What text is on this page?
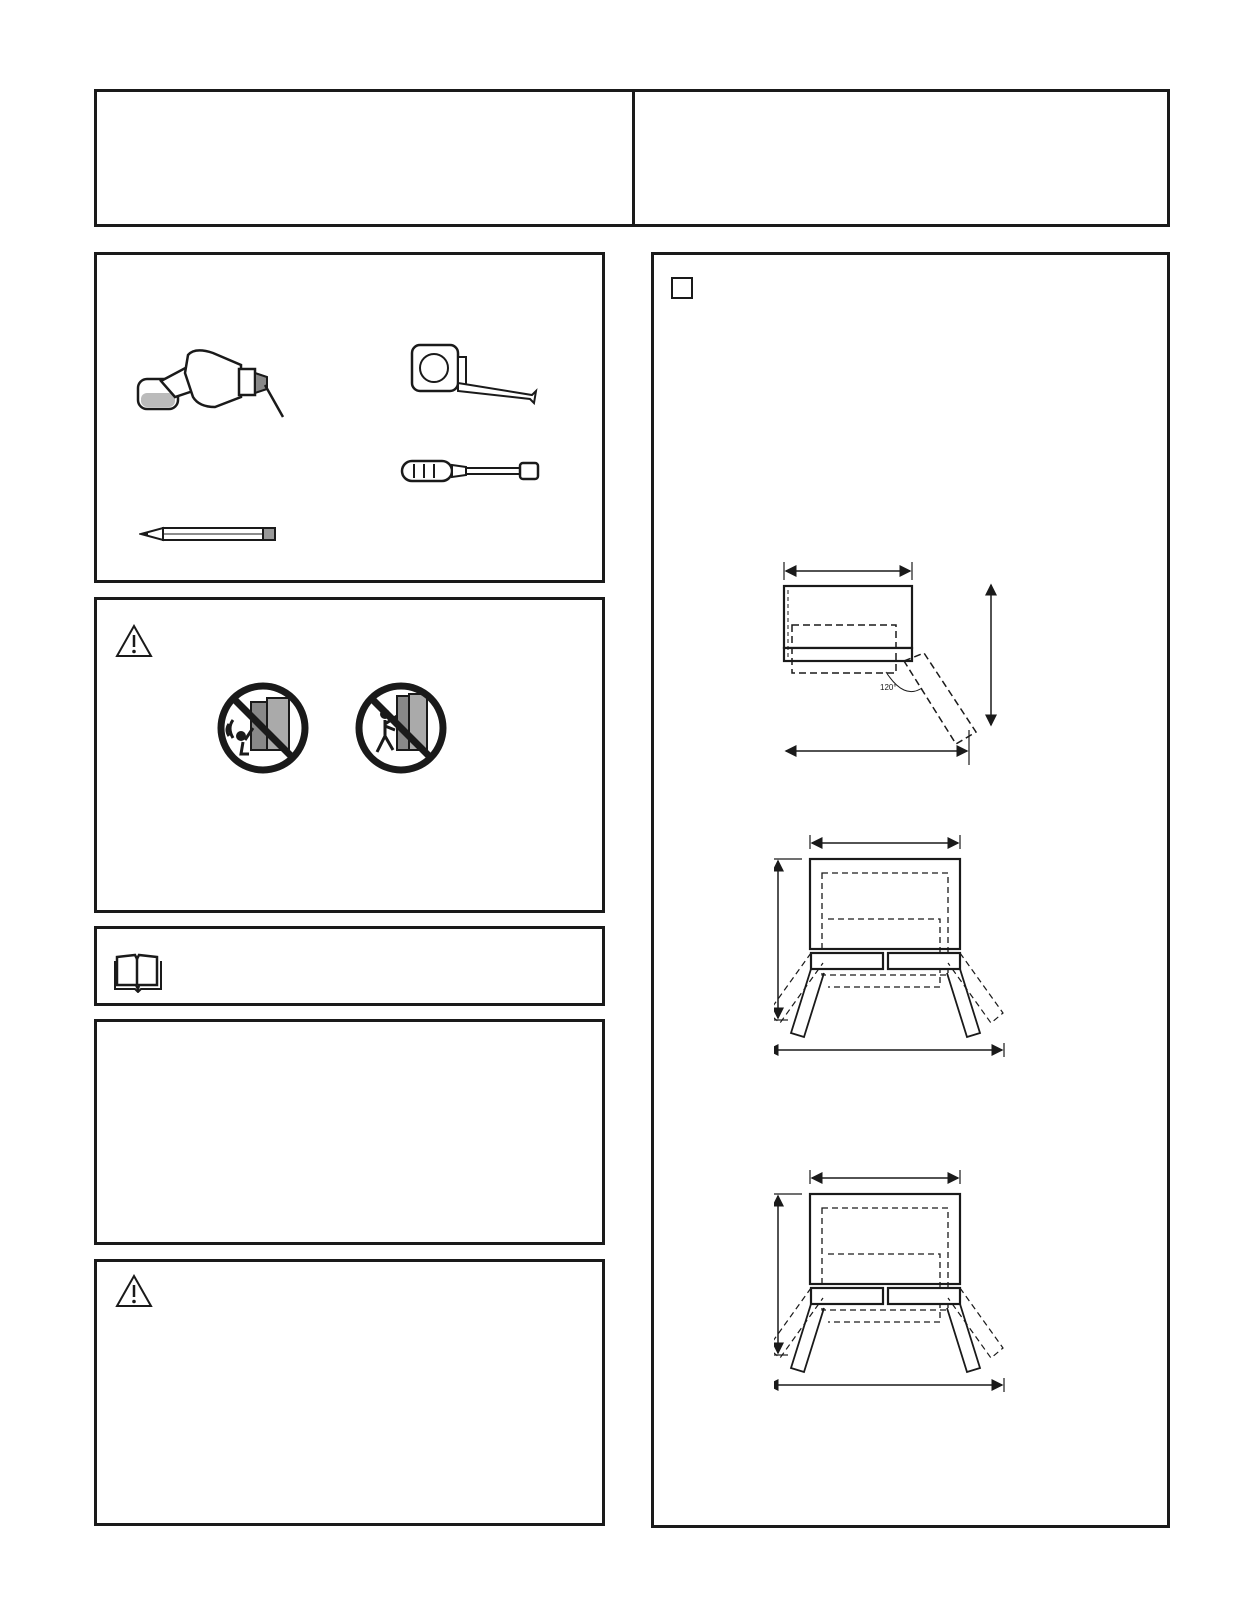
120°
